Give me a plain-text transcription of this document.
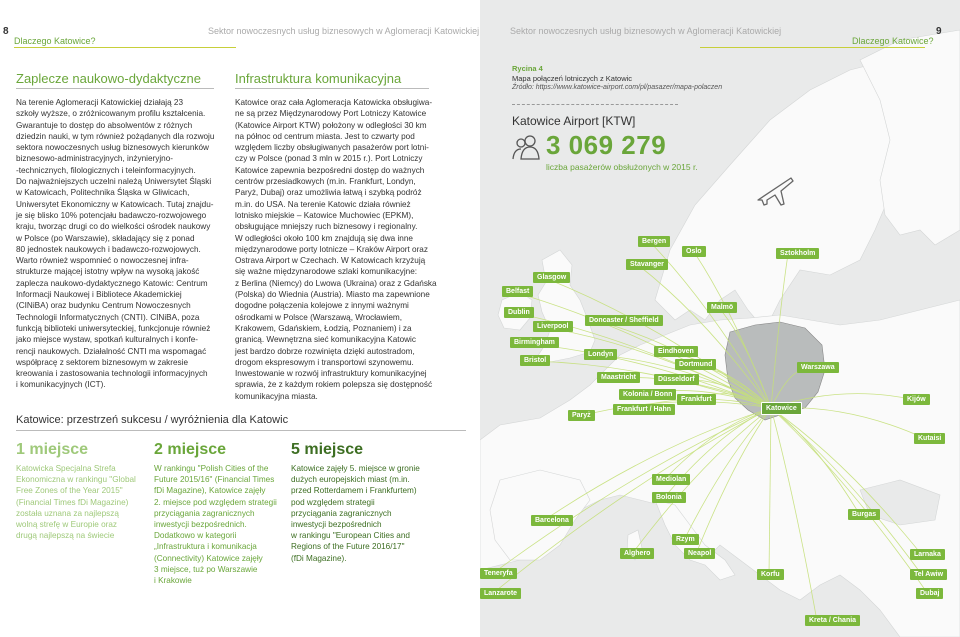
8
Dlaczego Katowice?
Sektor nowoczesnych usług biznesowych w Aglomeracji Katowickiej
Zaplecze naukowo-dydaktyczne
Na terenie Aglomeracji Katowickiej działają 23
szkoły wyższe, o zróżnicowanym profilu kształcenia.
Gwarantuje to dostęp do absolwentów z różnych
dziedzin nauki, w tym również pożądanych dla rozwoju
sektora nowoczesnych usług biznesowych kierunków
biznesowo-administracyjnych, inżynieryjno-
-technicznych, filologicznych i teleinformacyjnych.
Do najważniejszych uczelni należą Uniwersytet Śląski
w Katowicach, Politechnika Śląska w Gliwicach,
Uniwersytet Ekonomiczny w Katowicach. Tutaj znajdu-
je się blisko 10% potencjału badawczo-rozwojowego
kraju, tworząc drugi co do wielkości ośrodek naukowy
w Polsce (po Warszawie), składający się z ponad
80 jednostek naukowych i badawczo-rozwojowych.
Warto również wspomnieć o nowoczesnej infra-
strukturze mającej istotny wpływ na wysoką jakość
zaplecza naukowo-dydaktycznego Katowic: Centrum
Informacji Naukowej i Bibliotece Akademickiej
(CINiBA) oraz budynku Centrum Nowoczesnych
Technologii Informatycznych (CNTI). CINiBA, poza
funkcją biblioteki uniwersyteckiej, funkcjonuje również
jako miejsce wystaw, spotkań kulturalnych i konfe-
rencji naukowych. Działalność CNTI ma wspomagać
współpracę z sektorem biznesowym w zakresie
kreowania i zastosowania technologii informacyjnych
i komunikacyjnych (ICT).
Infrastruktura komunikacyjna
Katowice oraz cała Aglomeracja Katowicka obsługiwa-
ne są przez Międzynarodowy Port Lotniczy Katowice
(Katowice Airport KTW) położony w odległości 30 km
na północ od centrum miasta. Jest to czwarty pod
względem liczby obsługiwanych pasażerów port lotni-
czy w Polsce (ponad 3 mln w 2015 r.). Port Lotniczy
Katowice zapewnia bezpośredni dostęp do ważnych
centrów przesiadkowych (m.in. Frankfurt, Londyn,
Paryż, Dubaj) oraz umożliwia łatwą i szybką podróż
m.in. do USA. Na terenie Katowic działa również
lotnisko miejskie – Katowice Muchowiec (EPKM),
obsługujące mniejszy ruch biznesowy i regionalny.
W odległości około 100 km znajdują się dwa inne
międzynarodowe porty lotnicze – Kraków Airport oraz
Ostrava Airport w Czechach. W Katowicach krzyżują
się ważne międzynarodowe szlaki komunikacyjne:
z Berlina (Niemcy) do Lwowa (Ukraina) oraz z Gdańska
(Polska) do Wiednia (Austria). Miasto ma zapewnione
dogodne połączenia kolejowe z innymi ważnymi
ośrodkami w Polsce (Warszawą, Wrocławiem,
Krakowem, Gdańskiem, Łodzią, Poznaniem) i za
granicą. Wewnętrzna sieć komunikacyjna Katowic
jest bardzo dobrze rozwinięta dzięki autostradom,
drogom ekspresowym i transportowi szynowemu.
Inwestowanie w rozwój infrastruktury komunikacyjnej
sprawia, że z każdym rokiem polepsza się dostępność
komunikacyjna miasta.
Katowice: przestrzeń sukcesu / wyróżnienia dla Katowic
1 miejsce
Katowicka Specjalna Strefa
Ekonomiczna w rankingu "Global
Free Zones of the Year 2015"
(Financial Times fDi Magazine)
została uznana za najlepszą
wolną strefę w Europie oraz
drugą najlepszą na świecie
2 miejsce
W rankingu "Polish Cities of the
Future 2015/16" (Financial Times
fDi Magazine), Katowice zajęły
2. miejsce pod względem strategii
przyciągania zagranicznych
inwestycji bezpośrednich.
Dodatkowo w kategorii
„Infrastruktura i komunikacja
(Connectivity) Katowice zajęły
3 miejsce, tuż po Warszawie
i Krakowie
5 miejsce
Katowice zajęły 5. miejsce w gronie
dużych europejskich miast (m.in.
przed Rotterdamem i Frankfurtem)
pod względem strategii
przyciągania zagranicznych
inwestycji bezpośrednich
w rankingu "European Cities and
Regions of the Future 2016/17"
(fDi Magazine).
Rycina 4
Mapa połączeń lotniczych z Katowic
Źródło: https://www.katowice-airport.com/pl/pasazer/mapa-polaczen
Katowice Airport [KTW]
3 069 279
liczba pasażerów obsłużonych w 2015 r.
Bergen
Oslo	Sztokholm
Stavanger
Glasgow
Belfast
Dublin
Malmö
Liverpool
Doncaster / Sheffield
Birmingham
Bristol
Londyn	Eindhoven
Dortmund	Warszawa
Maastricht	Düsseldorf
Kolonia / Bonn
Frankfurt
Frankfurt / Hahn
Paryż
Katowice
Kijów
Kutaisi
Mediolan
Bolonia
Burgas
Barcelona
Rzym
Alghero	Neapol	Larnaka
Teneryfa	Korfu	Tel Awiw
Lanzarote	Dubaj
Kreta / Chania
Sektor nowoczesnych usług biznesowych w Aglomeracji Katowickiej
Dlaczego Katowice?
9
